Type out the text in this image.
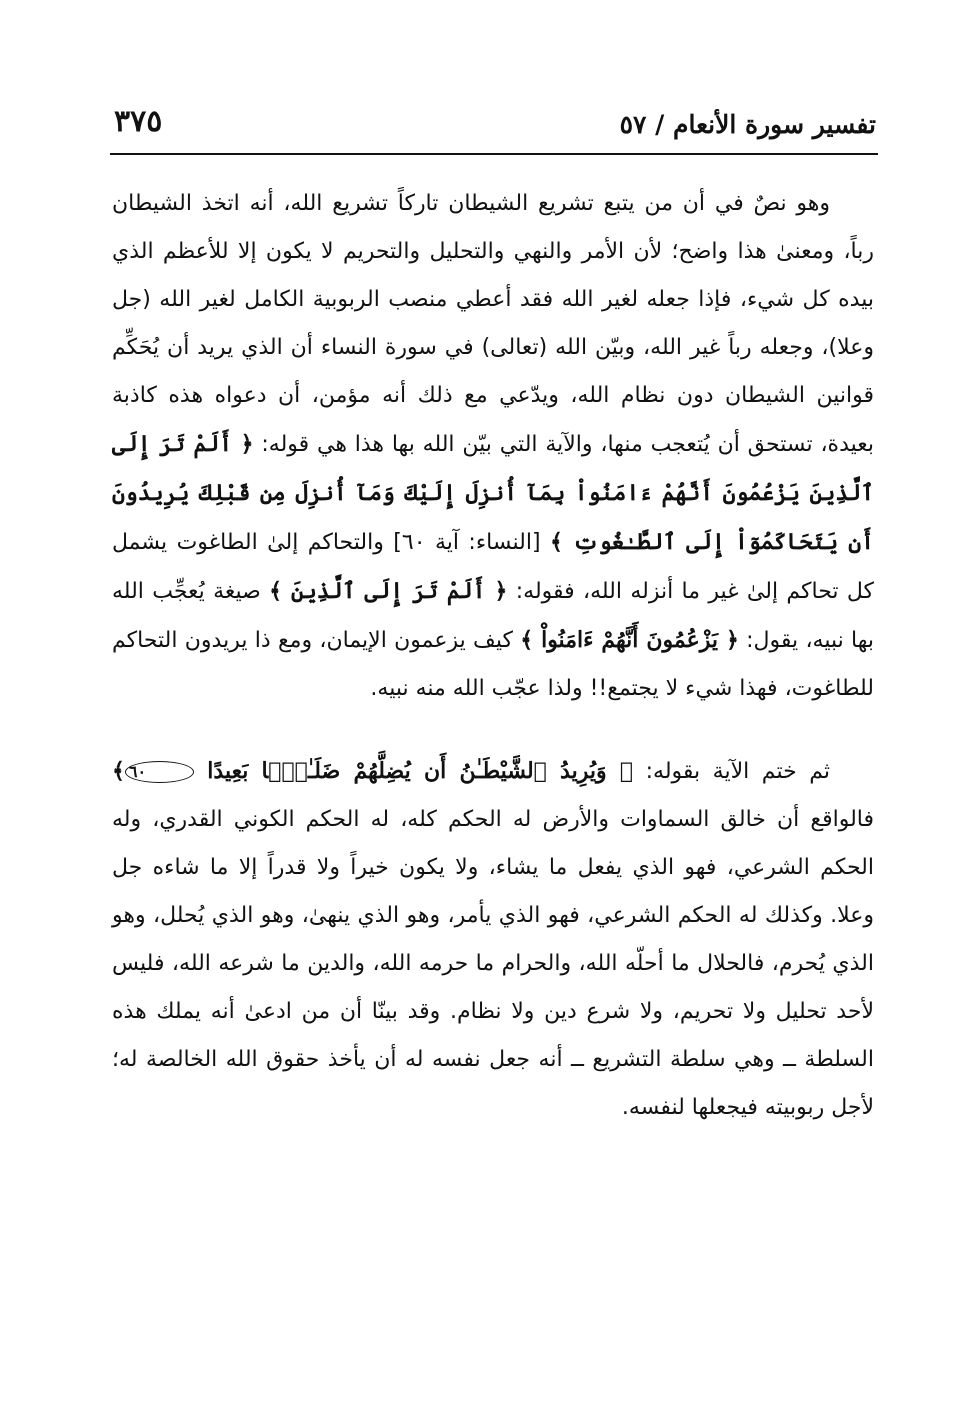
تفسير سورة الأنعام / ٥٧
٣٧٥

وهو نصٌ في أن من يتبع تشريع الشيطان تاركاً تشريع الله، أنه اتخذ الشيطان رباً، ومعنىٰ هذا واضح؛ لأن الأمر والنهي والتحليل والتحريم لا يكون إلا للأعظم الذي بيده كل شيء، فإذا جعله لغير الله فقد أعطي منصب الربوبية الكامل لغير الله (جل وعلا)، وجعله رباً غير الله، وبيّن الله (تعالى) في سورة النساء أن الذي يريد أن يُحَكِّم قوانين الشيطان دون نظام الله، ويدّعي مع ذلك أنه مؤمن، أن دعواه هذه كاذبة بعيدة، تستحق أن يُتعجب منها، والآية التي بيّن الله بها هذا هي قوله: ﴿ أَلَمْ تَرَ إِلَى ٱلَّذِينَ يَزْعُمُونَ أَنَّهُمْ ءَامَنُواْ بِمَآ أُنزِلَ إِلَيْكَ وَمَآ أُنزِلَ مِن قَبْلِكَ يُرِيدُونَ أَن يَتَحَاكَمُوٓاْ إِلَى ٱلطَّـٰغُوتِ ﴾ [النساء: آية ٦٠] والتحاكم إلىٰ الطاغوت يشمل كل تحاكم إلىٰ غير ما أنزله الله، فقوله: ﴿ أَلَمْ تَرَ إِلَى ٱلَّذِينَ ﴾ صيغة يُعجِّب الله بها نبيه، يقول: ﴿ يَزْعُمُونَ أَنَّهُمْ ءَامَنُواْ ﴾ كيف يزعمون الإيمان، ومع ذا يريدون التحاكم للطاغوت، فهذا شيء لا يجتمع!! ولذا عجّب الله منه نبيه.

ثم ختم الآية بقوله: ﴿ وَيُرِيدُ ٱلشَّيْطَـٰنُ أَن يُضِلَّهُمْ ضَلَـٰلًۢا بَعِيدًا ٦٠﴾ فالواقع أن خالق السماوات والأرض له الحكم كله، له الحكم الكوني القدري، وله الحكم الشرعي، فهو الذي يفعل ما يشاء، ولا يكون خيراً ولا قدراً إلا ما شاءه جل وعلا. وكذلك له الحكم الشرعي، فهو الذي يأمر، وهو الذي ينهىٰ، وهو الذي يُحلل، وهو الذي يُحرم، فالحلال ما أحلّه الله، والحرام ما حرمه الله، والدين ما شرعه الله، فليس لأحد تحليل ولا تحريم، ولا شرع دين ولا نظام. وقد بينّا أن من ادعىٰ أنه يملك هذه السلطة ــ وهي سلطة التشريع ــ أنه جعل نفسه له أن يأخذ حقوق الله الخالصة له؛ لأجل ربوبيته فيجعلها لنفسه.
